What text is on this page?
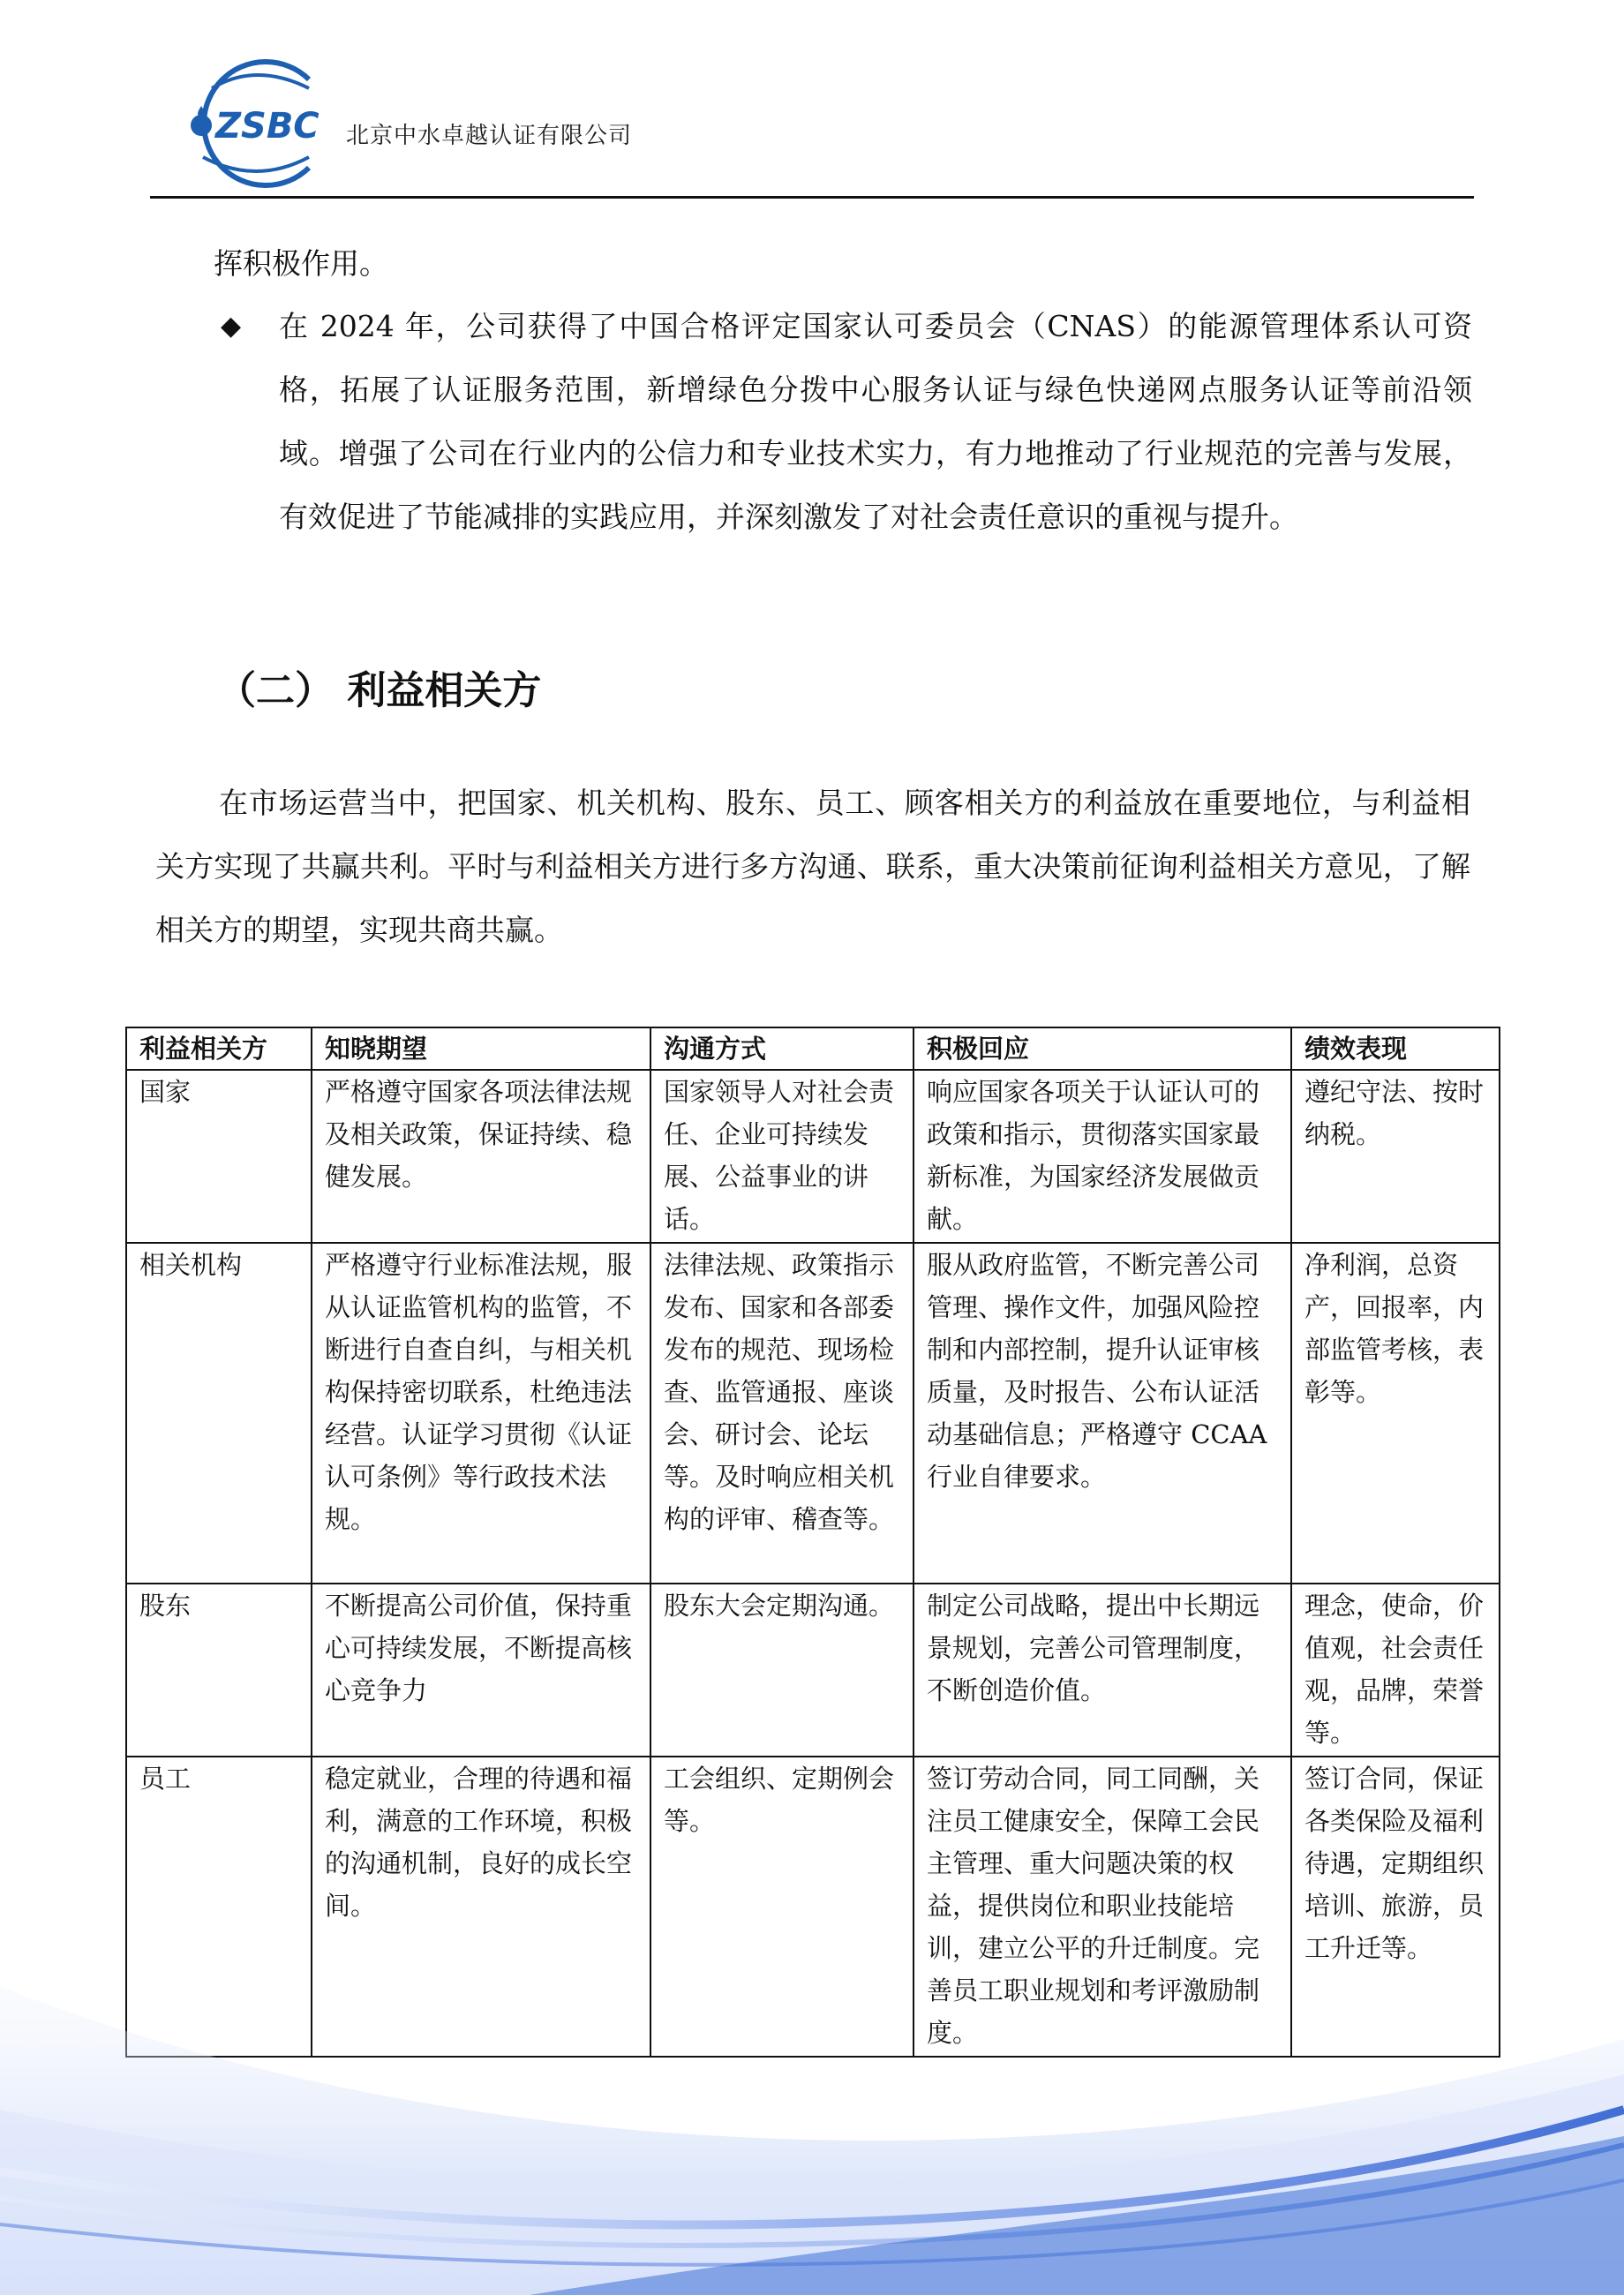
ZSBC 北京中水卓越认证有限公司
挥积极作用。
◆ 在 2024 年，公司获得了中国合格评定国家认可委员会（CNAS）的能源管理体系认可资格，拓展了认证服务范围，新增绿色分拨中心服务认证与绿色快递网点服务认证等前沿领域。增强了公司在行业内的公信力和专业技术实力，有力地推动了行业规范的完善与发展，有效促进了节能减排的实践应用，并深刻激发了对社会责任意识的重视与提升。
（二） 利益相关方
在市场运营当中，把国家、机关机构、股东、员工、顾客相关方的利益放在重要地位，与利益相关方实现了共赢共利。平时与利益相关方进行多方沟通、联系，重大决策前征询利益相关方意见，了解相关方的期望，实现共商共赢。
利益相关方	知晓期望	沟通方式	积极回应	绩效表现
国家	严格遵守国家各项法律法规及相关政策，保证持续、稳健发展。	国家领导人对社会责任、企业可持续发展、公益事业的讲话。	响应国家各项关于认证认可的政策和指示，贯彻落实国家最新标准，为国家经济发展做贡献。	遵纪守法、按时纳税。
相关机构	严格遵守行业标准法规，服从认证监管机构的监管，不断进行自查自纠，与相关机构保持密切联系，杜绝违法经营。认证学习贯彻《认证认可条例》等行政技术法规。	法律法规、政策指示发布、国家和各部委发布的规范、现场检查、监管通报、座谈会、研讨会、论坛等。及时响应相关机构的评审、稽查等。	服从政府监管，不断完善公司管理、操作文件，加强风险控制和内部控制，提升认证审核质量，及时报告、公布认证活动基础信息；严格遵守 CCAA 行业自律要求。	净利润，总资产，回报率，内部监管考核，表彰等。
股东	不断提高公司价值，保持重心可持续发展，不断提高核心竞争力	股东大会定期沟通。	制定公司战略，提出中长期远景规划，完善公司管理制度，不断创造价值。	理念，使命，价值观，社会责任观，品牌，荣誉等。
员工	稳定就业，合理的待遇和福利，满意的工作环境，积极的沟通机制，良好的成长空间。	工会组织、定期例会等。	签订劳动合同，同工同酬，关注员工健康安全，保障工会民主管理、重大问题决策的权益，提供岗位和职业技能培训，建立公平的升迁制度。完善员工职业规划和考评激励制度。	签订合同，保证各类保险及福利待遇，定期组织培训、旅游，员工升迁等。
